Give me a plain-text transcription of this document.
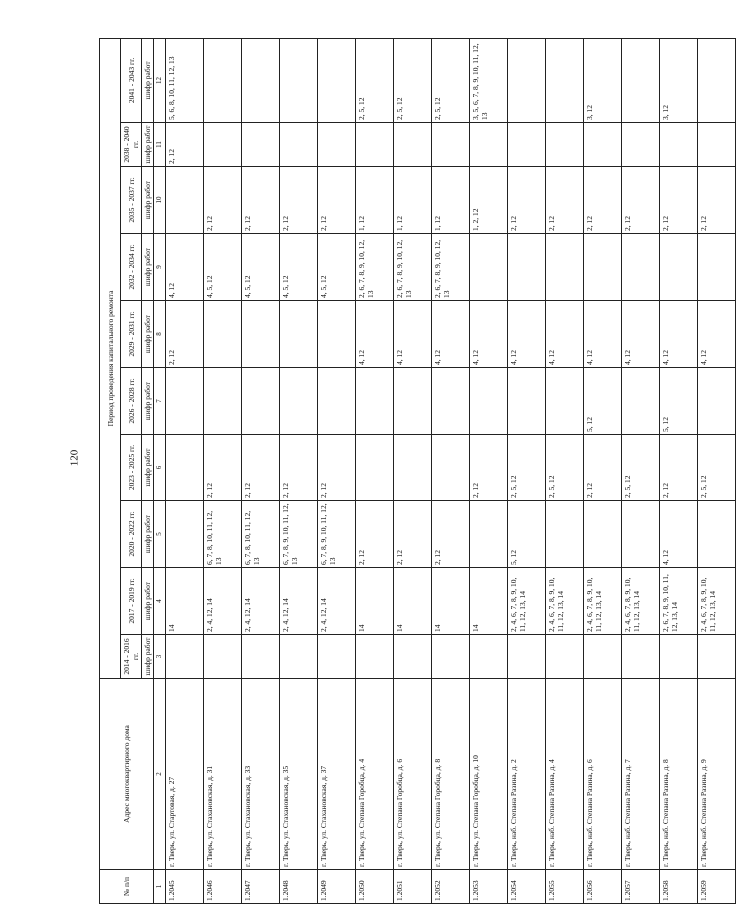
120
№ п/п	Адрес многоквартирного дома	Период проведения капитального ремонта									
		2014 - 2016 гг.	2017 - 2019 гг.	2020 - 2022 гг.	2023 - 2025 гг.	2026 - 2028 гг.	2029 - 2031 гг.	2032 - 2034 гг.	2035 - 2037 гг.	2038 - 2040 гг.	2041 - 2043 гг.
		шифр работ	шифр работ	шифр работ	шифр работ	шифр работ	шифр работ	шифр работ	шифр работ	шифр работ	шифр работ
1	2	3	4	5	6	7	8	9	10	11	12
1.2045	г. Тверь, ул. Стартовая, д. 27		14				2, 12	4, 12		2, 12	5, 6, 8, 10, 11, 12, 13
1.2046	г. Тверь, ул. Стахановская, д. 31		2, 4, 12, 14	6, 7, 8, 10, 11, 12, 13	2, 12			4, 5, 12	2, 12		
1.2047	г. Тверь, ул. Стахановская, д. 33		2, 4, 12, 14	6, 7, 8, 10, 11, 12, 13	2, 12			4, 5, 12	2, 12		
1.2048	г. Тверь, ул. Стахановская, д. 35		2, 4, 12, 14	6, 7, 8, 9, 10, 11, 12, 13	2, 12			4, 5, 12	2, 12		
1.2049	г. Тверь, ул. Стахановская, д. 37		2, 4, 12, 14	6, 7, 8, 9, 10, 11, 12, 13	2, 12			4, 5, 12	2, 12		
1.2050	г. Тверь, ул. Степана Горобца, д. 4		14	2, 12			4, 12	2, 6, 7, 8, 9, 10, 12, 13	1, 12		2, 5, 12
1.2051	г. Тверь, ул. Степана Горобца, д. 6		14	2, 12			4, 12	2, 6, 7, 8, 9, 10, 12, 13	1, 12		2, 5, 12
1.2052	г. Тверь, ул. Степана Горобца, д. 8		14	2, 12			4, 12	2, 6, 7, 8, 9, 10, 12, 13	1, 12		2, 5, 12
1.2053	г. Тверь, ул. Степана Горобца, д. 10		14		2, 12		4, 12		1, 2, 12		3, 5, 6, 7, 8, 9, 10, 11, 12, 13
1.2054	г. Тверь, наб. Степана Разина, д. 2		2, 4, 6, 7, 8, 9, 10, 11, 12, 13, 14	5, 12	2, 5, 12		4, 12		2, 12		
1.2055	г. Тверь, наб. Степана Разина, д. 4		2, 4, 6, 7, 8, 9, 10, 11, 12, 13, 14		2, 5, 12		4, 12		2, 12		
1.2056	г. Тверь, наб. Степана Разина, д. 6		2, 4, 6, 7, 8, 9, 10, 11, 12, 13, 14		2, 12	5, 12	4, 12		2, 12		3, 12
1.2057	г. Тверь, наб. Степана Разина, д. 7		2, 4, 6, 7, 8, 9, 10, 11, 12, 13, 14		2, 5, 12		4, 12		2, 12		
1.2058	г. Тверь, наб. Степана Разина, д. 8		2, 6, 7, 8, 9, 10, 11, 12, 13, 14	4, 12	2, 12	5, 12	4, 12		2, 12		3, 12
1.2059	г. Тверь, наб. Степана Разина, д. 9		2, 4, 6, 7, 8, 9, 10, 11, 12, 13, 14		2, 5, 12		4, 12		2, 12		
